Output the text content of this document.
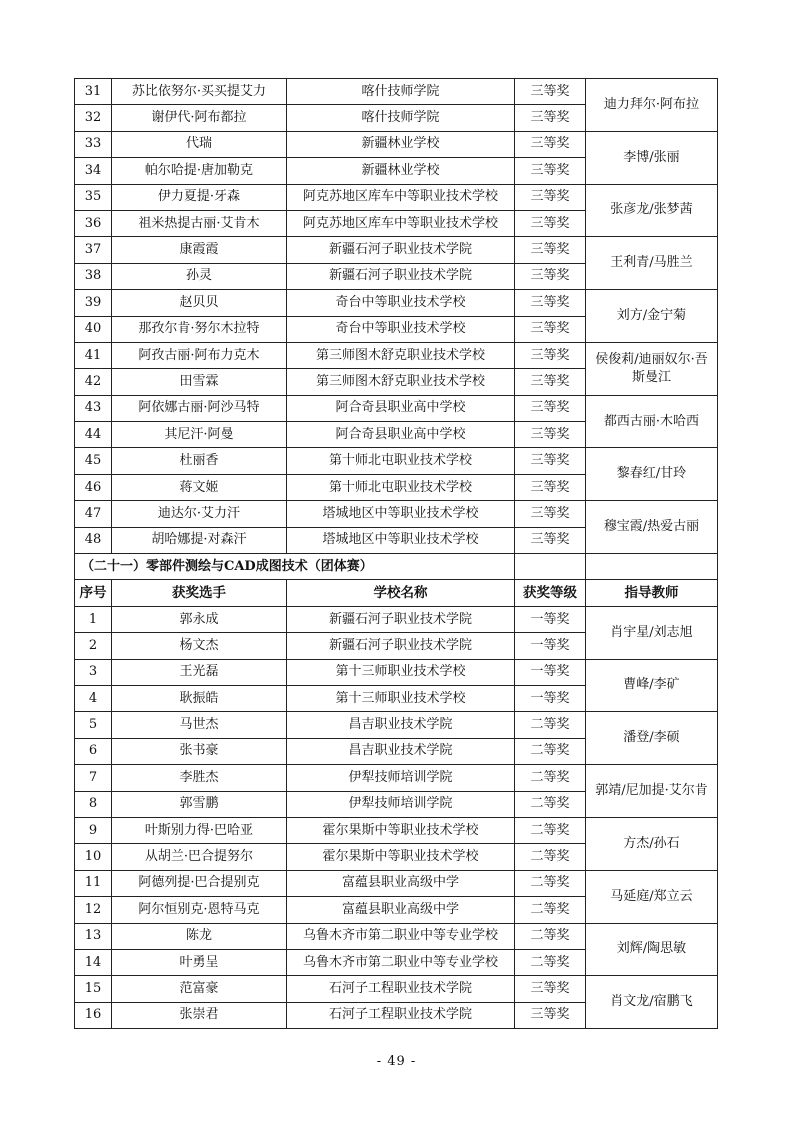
31	苏比依努尔·买买提艾力	喀什技师学院	三等奖	迪力拜尔·阿布拉
32	谢伊代·阿布都拉	喀什技师学院	三等奖	
33	代瑞	新疆林业学校	三等奖	李博/张丽
34	帕尔哈提·唐加勒克	新疆林业学校	三等奖	
35	伊力夏提·牙森	阿克苏地区库车中等职业技术学校	三等奖	张彦龙/张梦茜
36	祖米热提古丽·艾肯木	阿克苏地区库车中等职业技术学校	三等奖	
37	康霞霞	新疆石河子职业技术学院	三等奖	王利青/马胜兰
38	孙灵	新疆石河子职业技术学院	三等奖	
39	赵贝贝	奇台中等职业技术学校	三等奖	刘方/金宁菊
40	那孜尔肯·努尔木拉特	奇台中等职业技术学校	三等奖	
41	阿孜古丽·阿布力克木	第三师图木舒克职业技术学校	三等奖	侯俊莉/迪丽奴尔·吾斯曼江
42	田雪霖	第三师图木舒克职业技术学校	三等奖	
43	阿依娜古丽·阿沙马特	阿合奇县职业高中学校	三等奖	都西古丽·木哈西
44	其尼汗·阿曼	阿合奇县职业高中学校	三等奖	
45	杜丽香	第十师北屯职业技术学校	三等奖	黎春红/甘玲
46	蒋文姬	第十师北屯职业技术学校	三等奖	
47	迪达尔·艾力汗	塔城地区中等职业技术学校	三等奖	穆宝霞/热爱古丽
48	胡哈娜提·对森汗	塔城地区中等职业技术学校	三等奖	
（二十一）零部件测绘与CAD成图技术（团体赛）				
序号	获奖选手	学校名称	获奖等级	指导教师
1	郭永成	新疆石河子职业技术学院	一等奖	肖宇星/刘志旭
2	杨文杰	新疆石河子职业技术学院	一等奖	
3	王光磊	第十三师职业技术学校	一等奖	曹峰/李矿
4	耿振皓	第十三师职业技术学校	一等奖	
5	马世杰	昌吉职业技术学院	二等奖	潘登/李硕
6	张书豪	昌吉职业技术学院	二等奖	
7	李胜杰	伊犁技师培训学院	二等奖	郭靖/尼加提·艾尔肯
8	郭雪鹏	伊犁技师培训学院	二等奖	
9	叶斯别力得·巴哈亚	霍尔果斯中等职业技术学校	二等奖	方杰/孙石
10	从胡兰·巴合提努尔	霍尔果斯中等职业技术学校	二等奖	
11	阿德列提·巴合提别克	富蕴县职业高级中学	二等奖	马延庭/郑立云
12	阿尔恒别克·恩特马克	富蕴县职业高级中学	二等奖	
13	陈龙	乌鲁木齐市第二职业中等专业学校	二等奖	刘辉/陶思敏
14	叶勇呈	乌鲁木齐市第二职业中等专业学校	二等奖	
15	范富豪	石河子工程职业技术学院	三等奖	肖文龙/宿鹏飞
16	张崇君	石河子工程职业技术学院	三等奖	
- 49 -
